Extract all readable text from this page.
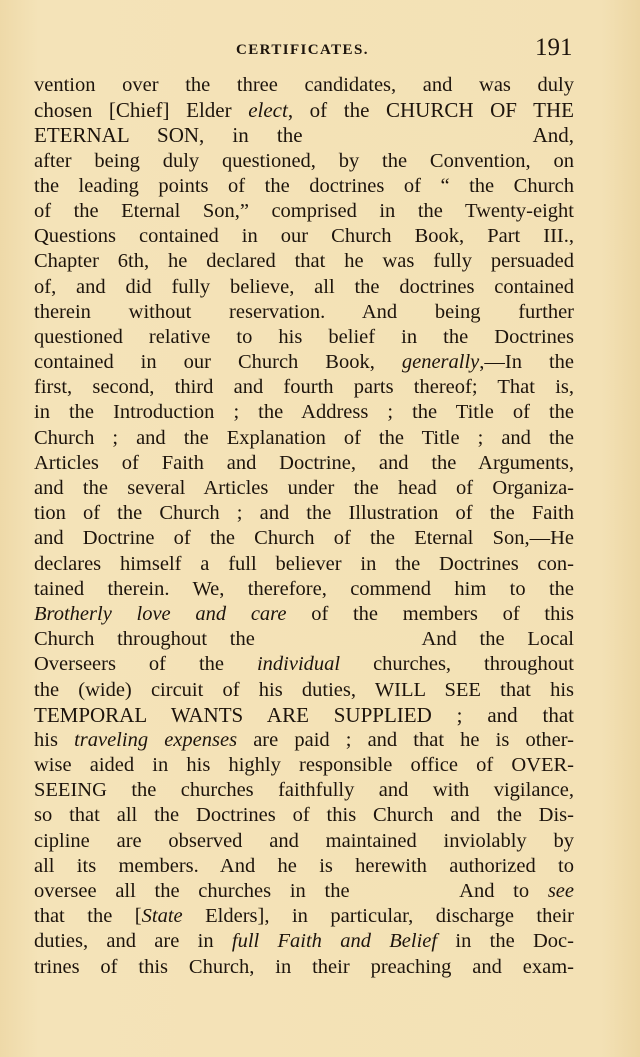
CERTIFICATES.	191
vention over the three candidates, and was duly
chosen [Chief] Elder elect, of the CHURCH OF THE
ETERNAL SON, in the	And,
after being duly questioned, by the Convention, on
the leading points of the doctrines of “ the Church
of the Eternal Son,” comprised in the Twenty-eight
Questions contained in our Church Book, Part III.,
Chapter 6th, he declared that he was fully persuaded
of, and did fully believe, all the doctrines contained
therein without reservation. And being further
questioned relative to his belief in the Doctrines
contained in our Church Book, generally,—In the
first, second, third and fourth parts thereof; That is,
in the Introduction ; the Address ; the Title of the
Church ; and the Explanation of the Title ; and the
Articles of Faith and Doctrine, and the Arguments,
and the several Articles under the head of Organiza-
tion of the Church ; and the Illustration of the Faith
and Doctrine of the Church of the Eternal Son,—He
declares himself a full believer in the Doctrines con-
tained therein. We, therefore, commend him to the
Brotherly love and care of the members of this
Church throughout the	And the Local
Overseers of the individual churches, throughout
the (wide) circuit of his duties, WILL SEE that his
TEMPORAL WANTS ARE SUPPLIED ; and that
his traveling expenses are paid ; and that he is other-
wise aided in his highly responsible office of OVER-
SEEING the churches faithfully and with vigilance,
so that all the Doctrines of this Church and the Dis-
cipline are observed and maintained inviolably by
all its members. And he is herewith authorized to
oversee all the churches in the	And to see
that the [State Elders], in particular, discharge their
duties, and are in full Faith and Belief in the Doc-
trines of this Church, in their preaching and exam-
